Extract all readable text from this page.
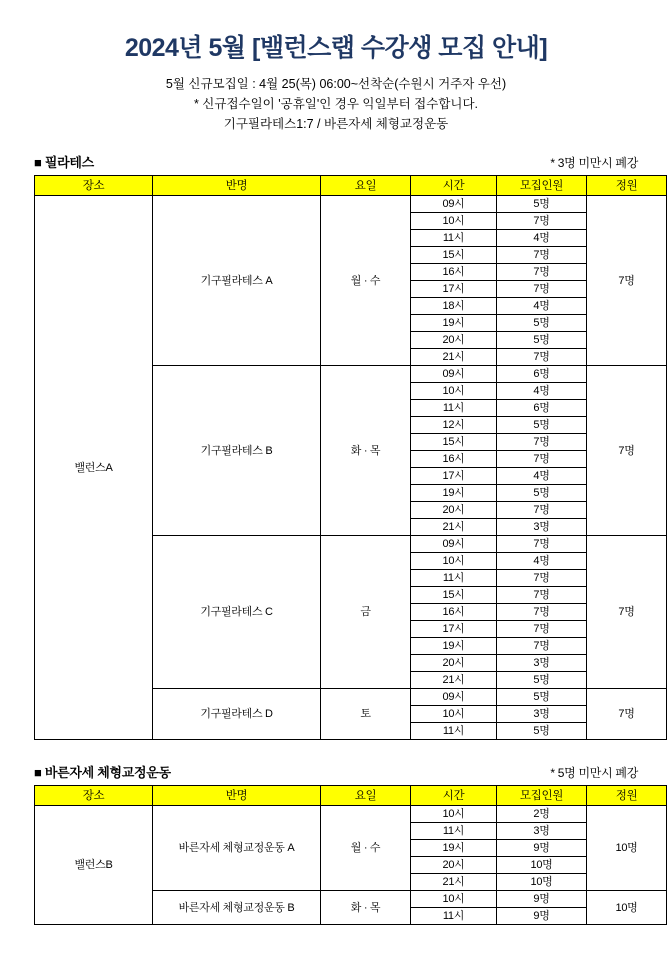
2024년 5월 [밸런스랩 수강생 모집 안내]
5월 신규모집일 : 4월 25(목) 06:00~선착순(수원시 거주자 우선)
* 신규접수일이 '공휴일'인 경우 익일부터 접수합니다.
기구필라테스1:7 / 바른자세 체형교정운동
■ 필라테스	* 3명 미만시 폐강
장소	반명	요일	시간	모집인원	정원
밸런스A	기구필라테스 A	월 · 수	09시	5명	7명
			10시	7명	
			11시	4명	
			15시	7명	
			16시	7명	
			17시	7명	
			18시	4명	
			19시	5명	
			20시	5명	
			21시	7명	
	기구필라테스 B	화 · 목	09시	6명	7명
			10시	4명	
			11시	6명	
			12시	5명	
			15시	7명	
			16시	7명	
			17시	4명	
			19시	5명	
			20시	7명	
			21시	3명	
	기구필라테스 C	금	09시	7명	7명
			10시	4명	
			11시	7명	
			15시	7명	
			16시	7명	
			17시	7명	
			19시	7명	
			20시	3명	
			21시	5명	
	기구필라테스 D	토	09시	5명	7명
			10시	3명	
			11시	5명	
■ 바른자세 체형교정운동	* 5명 미만시 폐강
장소	반명	요일	시간	모집인원	정원
밸런스B	바른자세 체형교정운동 A	월 · 수	10시	2명	10명
			11시	3명	
			19시	9명	
			20시	10명	
			21시	10명	
	바른자세 체형교정운동 B	화 · 목	10시	9명	10명
			11시	9명	
